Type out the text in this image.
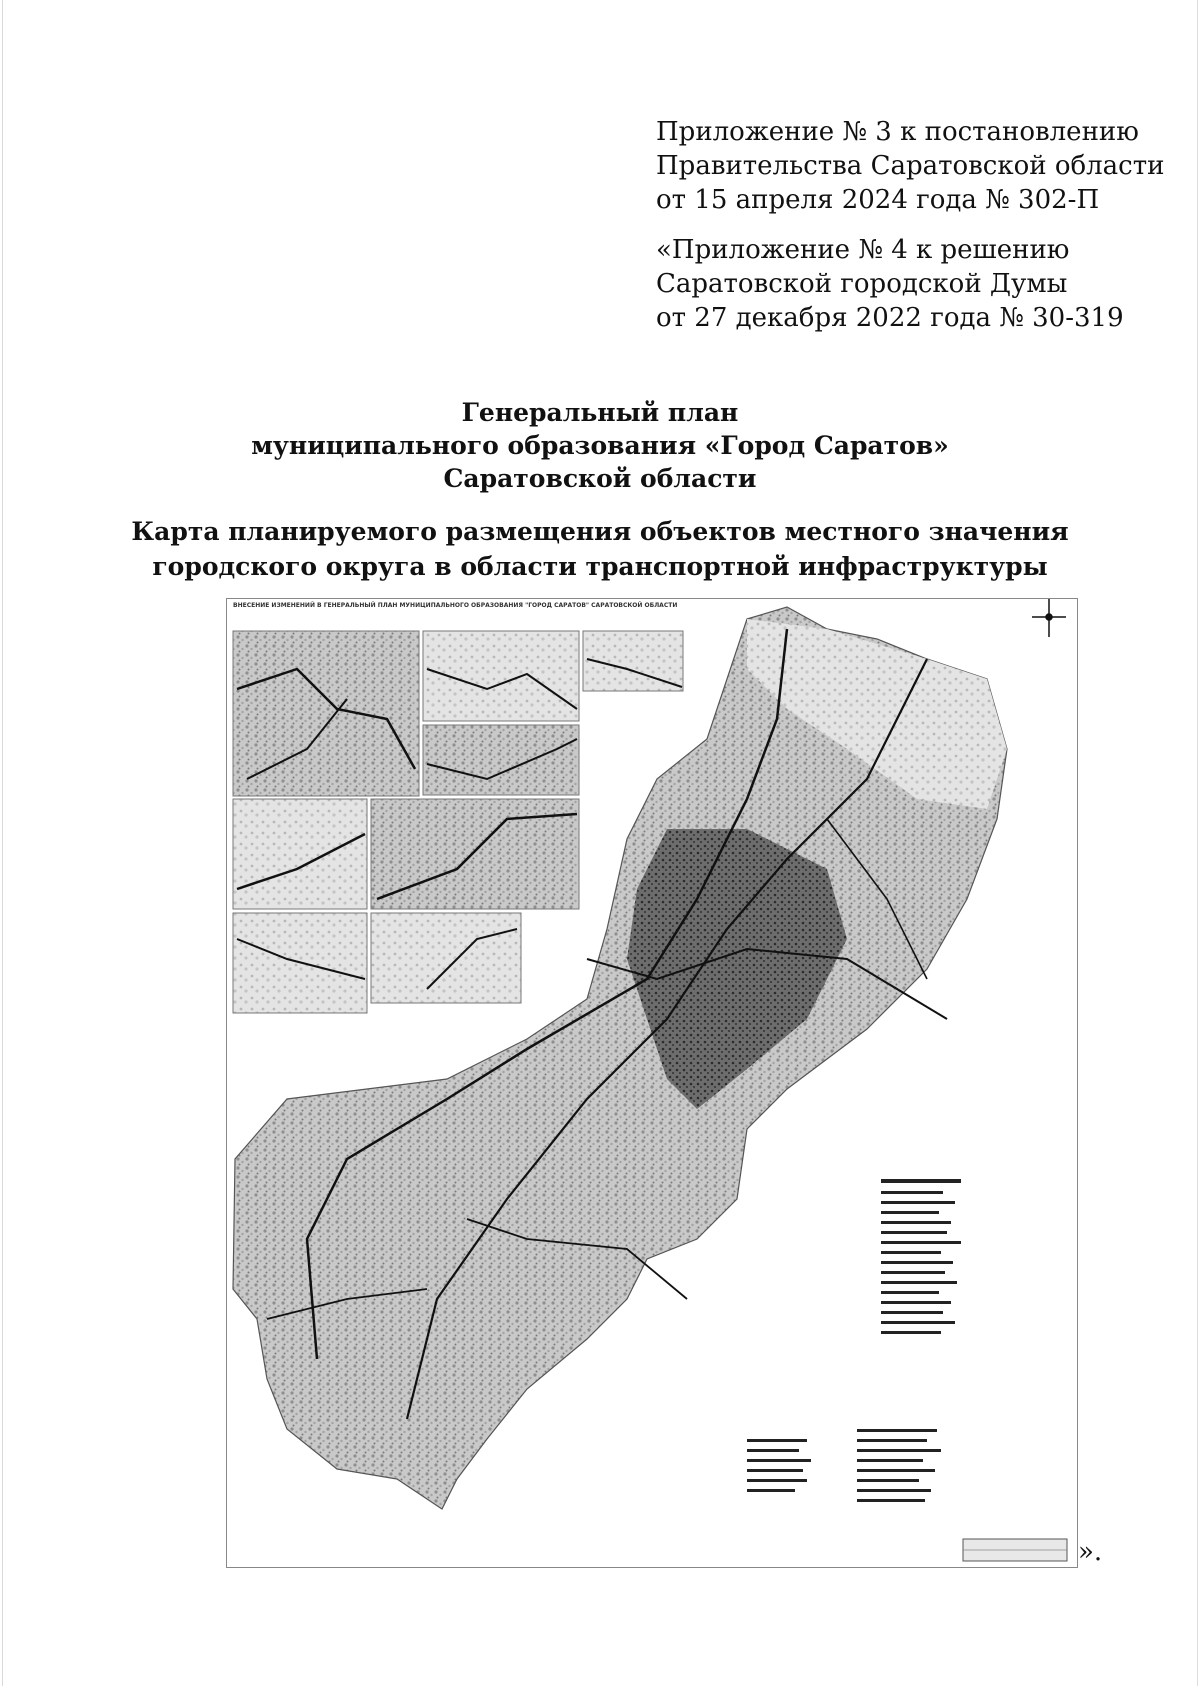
Приложение № 3 к постановлению
Правительства Саратовской области
от 15 апреля 2024 года № 302-П
«Приложение № 4 к решению
Саратовской городской Думы
от 27 декабря 2022 года № 30-319
Генеральный план
муниципального образования «Город Саратов»
Саратовской области
Карта планируемого размещения объектов местного значения
городского округа в области транспортной инфраструктуры
ВНЕСЕНИЕ ИЗМЕНЕНИЙ В ГЕНЕРАЛЬНЫЙ ПЛАН МУНИЦИПАЛЬНОГО ОБРАЗОВАНИЯ "ГОРОД САРАТОВ" САРАТОВСКОЙ ОБЛАСТИ
».
